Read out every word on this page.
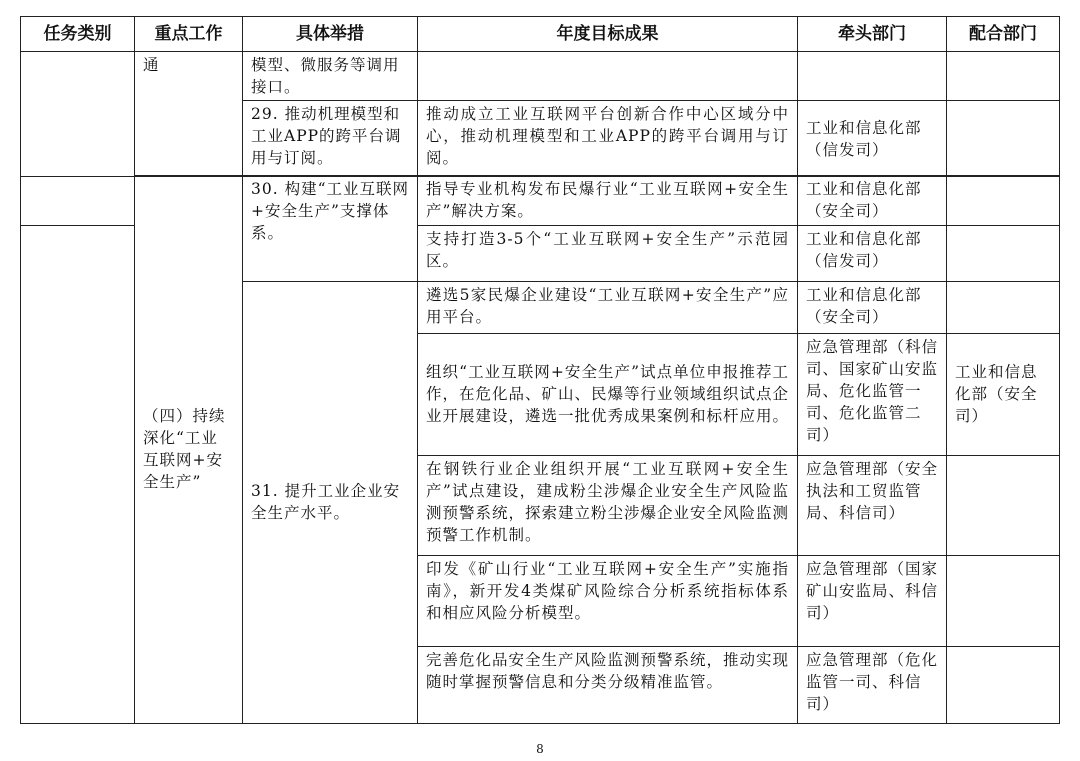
任务类别	重点工作	具体举措	年度目标成果	牵头部门	配合部门
	通	模型、微服务等调用接口。			
		29. 推动机理模型和工业APP的跨平台调用与订阅。	推动成立工业互联网平台创新合作中心区域分中心，推动机理模型和工业APP的跨平台调用与订阅。	工业和信息化部（信发司）	

	（四）持续深化“工业互联网+安全生产”	30. 构建“工业互联网+安全生产”支撑体系。	指导专业机构发布民爆行业“工业互联网+安全生产”解决方案。	工业和信息化部（安全司）	
			支持打造3-5个“工业互联网+安全生产”示范园区。	工业和信息化部（信发司）	
		31. 提升工业企业安全生产水平。	遴选5家民爆企业建设“工业互联网+安全生产”应用平台。	工业和信息化部（安全司）	
			组织“工业互联网+安全生产”试点单位申报推荐工作，在危化品、矿山、民爆等行业领域组织试点企业开展建设，遴选一批优秀成果案例和标杆应用。	应急管理部（科信司、国家矿山安监局、危化监管一司、危化监管二司）	工业和信息化部（安全司）
			在钢铁行业企业组织开展“工业互联网+安全生产”试点建设，建成粉尘涉爆企业安全生产风险监测预警系统，探索建立粉尘涉爆企业安全风险监测预警工作机制。	应急管理部（安全执法和工贸监管局、科信司）	
			印发《矿山行业“工业互联网+安全生产”实施指南》，新开发4类煤矿风险综合分析系统指标体系和相应风险分析模型。	应急管理部（国家矿山安监局、科信司）	
			完善危化品安全生产风险监测预警系统，推动实现随时掌握预警信息和分类分级精准监管。	应急管理部（危化监管一司、科信司）	
8
